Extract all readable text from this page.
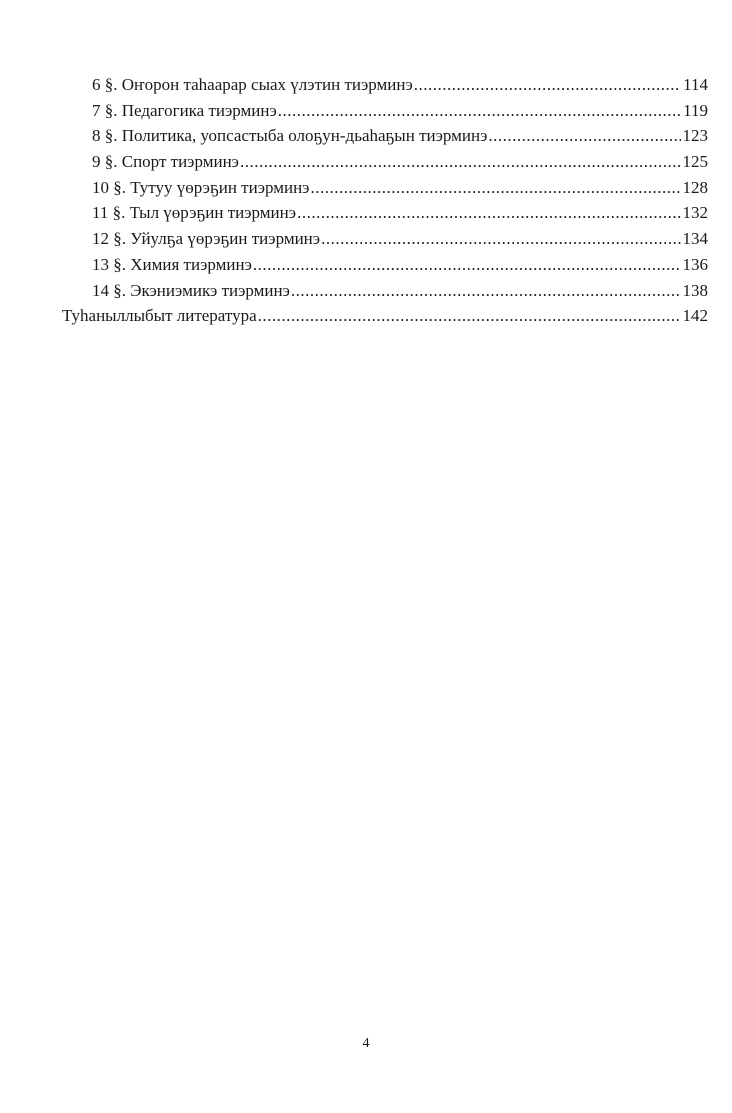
6 §. Оҥорон таһаарар сыах үлэтин тиэрминэ .....	114
7 §. Педагогика тиэрминэ .....	119
8 §. Политика, уопсастыба олоҕун-дьаһаҕын тиэрминэ .....	123
9 §. Спорт тиэрминэ .....	125
10 §. Тутуу үөрэҕин тиэрминэ .....	128
11 §. Тыл үөрэҕин тиэрминэ .....	132
12 §. Уйулҕа үөрэҕин тиэрминэ .....	134
13 §. Химия тиэрминэ .....	136
14 §. Экэниэмикэ тиэрминэ .....	138
Туһаныллыбыт литература .....	142
4
